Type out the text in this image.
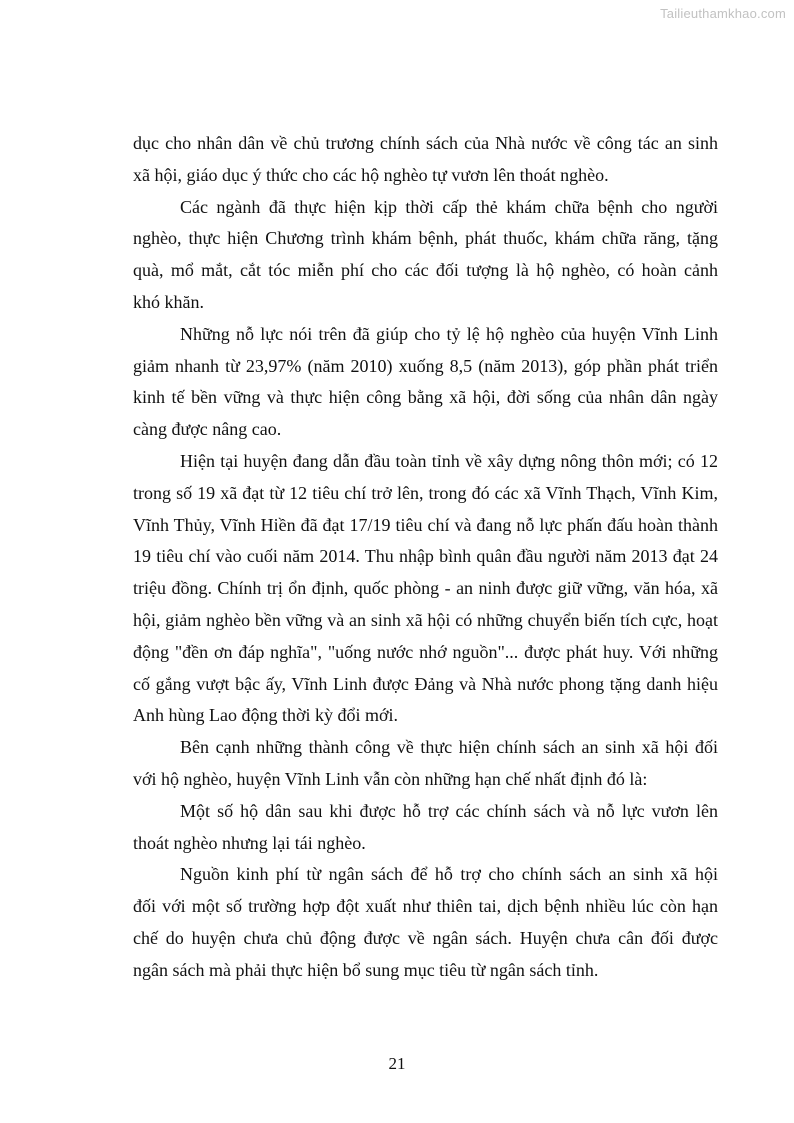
Tailieuthamkhao.com
dục cho nhân dân về chủ trương chính sách của Nhà nước về công tác an sinh
xã hội, giáo dục ý thức cho các hộ nghèo tự vươn lên thoát nghèo.
Các ngành đã thực hiện kịp thời cấp thẻ khám chữa bệnh cho người
nghèo, thực hiện Chương trình khám bệnh, phát thuốc, khám chữa răng, tặng
quà, mổ mắt, cắt tóc miễn phí cho các đối tượng là hộ nghèo, có hoàn cảnh
khó khăn.
Những nỗ lực nói trên đã giúp cho tỷ lệ hộ nghèo của huyện Vĩnh Linh
giảm nhanh từ 23,97% (năm 2010) xuống 8,5 (năm 2013), góp phần phát triển
kinh tế bền vững và thực hiện công bằng xã hội, đời sống của nhân dân ngày
càng được nâng cao.
Hiện tại huyện đang dẫn đầu toàn tỉnh về xây dựng nông thôn mới; có 12
trong số 19 xã đạt từ 12 tiêu chí trở lên, trong đó các xã Vĩnh Thạch, Vĩnh Kim,
Vĩnh Thủy, Vĩnh Hiền đã đạt 17/19 tiêu chí và đang nỗ lực phấn đấu hoàn thành
19 tiêu chí vào cuối năm 2014. Thu nhập bình quân đầu người năm 2013 đạt 24
triệu đồng. Chính trị ổn định, quốc phòng - an ninh được giữ vững, văn hóa, xã
hội, giảm nghèo bền vững và an sinh xã hội có những chuyển biến tích cực, hoạt
động "đền ơn đáp nghĩa", "uống nước nhớ nguồn"... được phát huy. Với những
cố gắng vượt bậc ấy, Vĩnh Linh được Đảng và Nhà nước phong tặng danh hiệu
Anh hùng Lao động thời kỳ đổi mới.
Bên cạnh những thành công về thực hiện chính sách an sinh xã hội đối
với hộ nghèo, huyện Vĩnh Linh vẫn còn những hạn chế nhất định đó là:
Một số hộ dân sau khi được hỗ trợ các chính sách và nỗ lực vươn lên
thoát nghèo nhưng lại tái nghèo.
Nguồn kinh phí từ ngân sách để hỗ trợ cho chính sách an sinh xã hội
đối với một số trường hợp đột xuất như thiên tai, dịch bệnh nhiều lúc còn hạn
chế do huyện chưa chủ động được về ngân sách. Huyện chưa cân đối được
ngân sách mà phải thực hiện bổ sung mục tiêu từ ngân sách tỉnh.
21
